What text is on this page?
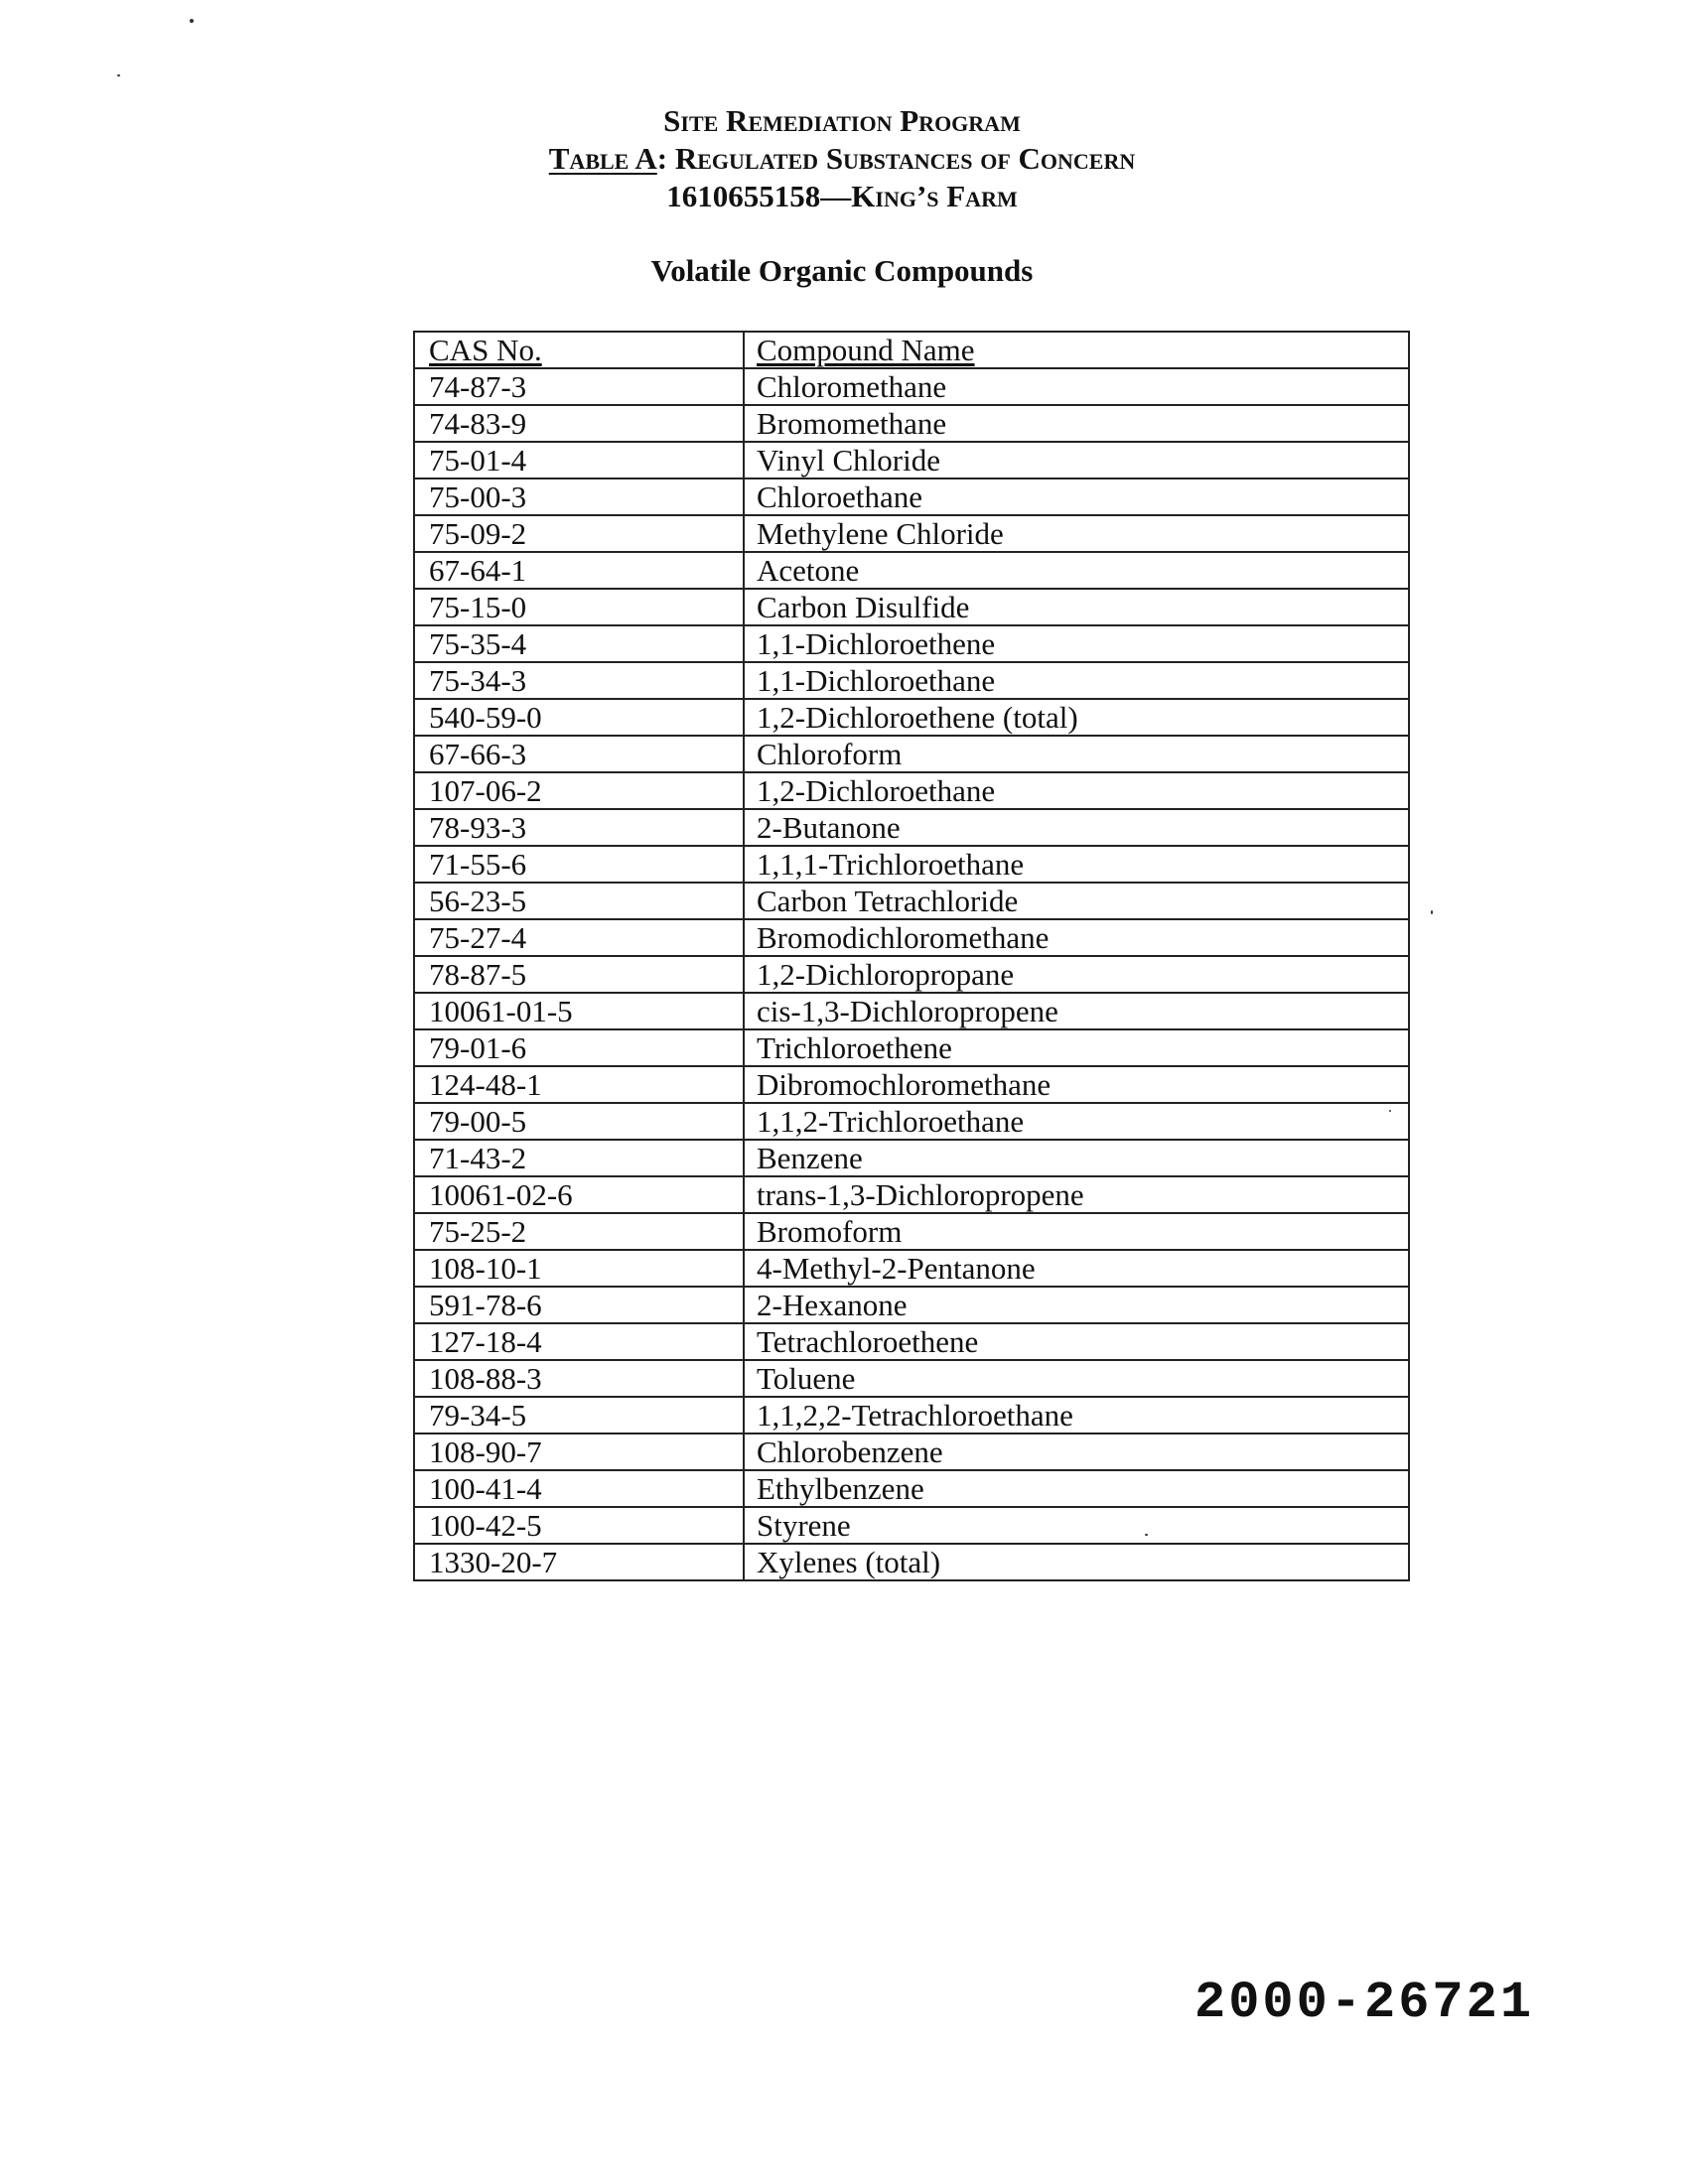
Site Remediation Program
Table A: Regulated Substances of Concern
1610655158—King’s Farm
Volatile Organic Compounds
CAS No.	Compound Name
74-87-3	Chloromethane
74-83-9	Bromomethane
75-01-4	Vinyl Chloride
75-00-3	Chloroethane
75-09-2	Methylene Chloride
67-64-1	Acetone
75-15-0	Carbon Disulfide
75-35-4	1,1-Dichloroethene
75-34-3	1,1-Dichloroethane
540-59-0	1,2-Dichloroethene (total)
67-66-3	Chloroform
107-06-2	1,2-Dichloroethane
78-93-3	2-Butanone
71-55-6	1,1,1-Trichloroethane
56-23-5	Carbon Tetrachloride
75-27-4	Bromodichloromethane
78-87-5	1,2-Dichloropropane
10061-01-5	cis-1,3-Dichloropropene
79-01-6	Trichloroethene
124-48-1	Dibromochloromethane
79-00-5	1,1,2-Trichloroethane
71-43-2	Benzene
10061-02-6	trans-1,3-Dichloropropene
75-25-2	Bromoform
108-10-1	4-Methyl-2-Pentanone
591-78-6	2-Hexanone
127-18-4	Tetrachloroethene
108-88-3	Toluene
79-34-5	1,1,2,2-Tetrachloroethane
108-90-7	Chlorobenzene
100-41-4	Ethylbenzene
100-42-5	Styrene
1330-20-7	Xylenes (total)
2000-26721
